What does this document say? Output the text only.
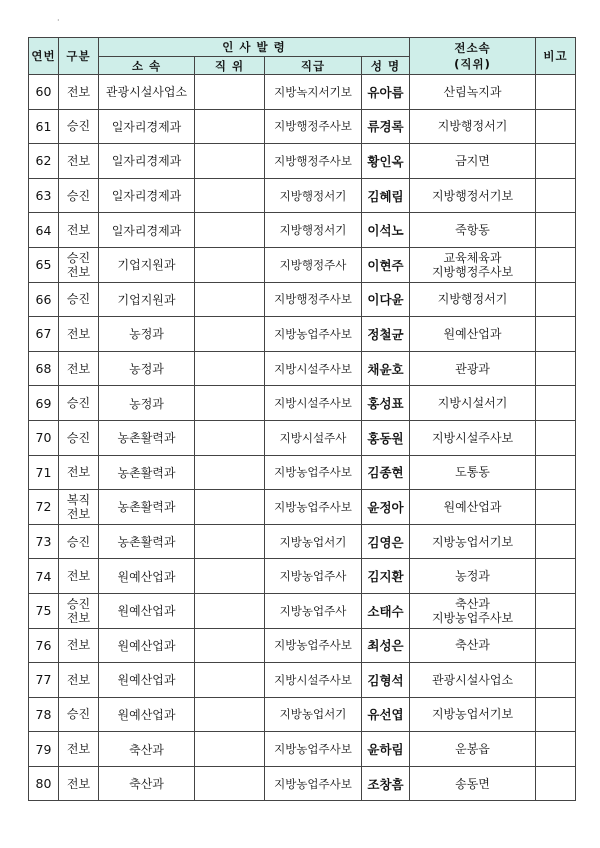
·
연번	구분	인 사 발 령				전소속
(직위)	비고
		소 속	직 위	직급	성 명		
60	전보	관광시설사업소		지방녹지서기보	유아름	산림녹지과	

61	승진	일자리경제과		지방행정주사보	류경록	지방행정서기	

62	전보	일자리경제과		지방행정주사보	황인옥	금지면	

63	승진	일자리경제과		지방행정서기	김혜림	지방행정서기보	

64	전보	일자리경제과		지방행정서기	이석노	죽항동	

65	승진
전보	기업지원과		지방행정주사	이현주	교육체육과
지방행정주사보	

66	승진	기업지원과		지방행정주사보	이다윤	지방행정서기	

67	전보	농정과		지방농업주사보	정철균	원예산업과	

68	전보	농정과		지방시설주사보	채윤호	관광과	

69	승진	농정과		지방시설주사보	홍성표	지방시설서기	

70	승진	농촌활력과		지방시설주사	홍동원	지방시설주사보	

71	전보	농촌활력과		지방농업주사보	김종현	도통동	

72	복직
전보	농촌활력과		지방농업주사보	윤정아	원예산업과	

73	승진	농촌활력과		지방농업서기	김영은	지방농업서기보	

74	전보	원예산업과		지방농업주사	김지환	농정과	

75	승진
전보	원예산업과		지방농업주사	소태수	축산과
지방농업주사보	

76	전보	원예산업과		지방농업주사보	최성은	축산과	

77	전보	원예산업과		지방시설주사보	김형석	관광시설사업소	

78	승진	원예산업과		지방농업서기	유선엽	지방농업서기보	

79	전보	축산과		지방농업주사보	윤하림	운봉읍	

80	전보	축산과		지방농업주사보	조창흠	송동면	
